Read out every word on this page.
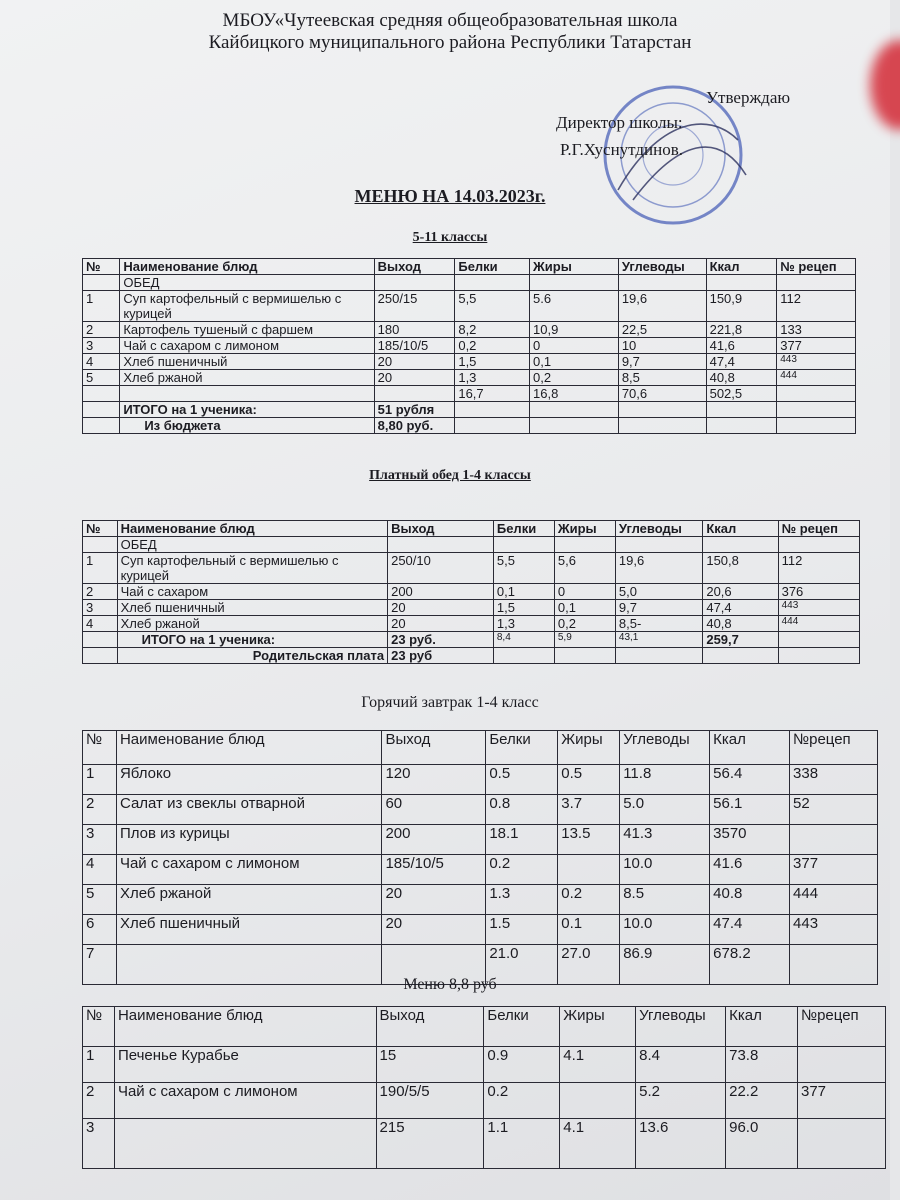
МБОУ«Чутеевская средняя общеобразовательная школа
Кайбицкого муниципального района Республики Татарстан
Утверждаю
Директор школы:
Р.Г.Хуснутдинов.
МЕНЮ НА 14.03.2023г.
5-11 классы
№	Наименование блюд	Выход	Белки	Жиры	Углеводы	Ккал	№ рецеп
	ОБЕД						
1	Суп картофельный с вермишелью с курицей	250/15	5,5	5.6	19,6	150,9	112
2	Картофель тушеный с фаршем	180	8,2	10,9	22,5	221,8	133
3	Чай с сахаром с лимоном	185/10/5	0,2	0	10	41,6	377
4	Хлеб пшеничный	20	1,5	0,1	9,7	47,4	443
5	Хлеб ржаной	20	1,3	0,2	8,5	40,8	444
			16,7	16,8	70,6	502,5	
	ИТОГО на 1 ученика:	51 рубля					
	Из бюджета	8,80 руб.					
Платный обед 1-4 классы
№	Наименование блюд	Выход	Белки	Жиры	Углеводы	Ккал	№ рецеп
	ОБЕД						
1	Суп картофельный с вермишелью с курицей	250/10	5,5	5,6	19,6	150,8	112
2	Чай с сахаром	200	0,1	0	5,0	20,6	376
3	Хлеб пшеничный	20	1,5	0,1	9,7	47,4	443
4	Хлеб ржаной	20	1,3	0,2	8,5-	40,8	444
	ИТОГО на 1 ученика:	23 руб.	8,4	5,9	43,1	259,7	
	Родительская плата	23 руб					
Горячий завтрак 1-4 класс
№	Наименование блюд	Выход	Белки	Жиры	Углеводы	Ккал	№рецеп
1	Яблоко	120	0.5	0.5	11.8	56.4	338
2	Салат из свеклы отварной	60	0.8	3.7	5.0	56.1	52
3	Плов из курицы	200	18.1	13.5	41.3	3570	
4	Чай с сахаром с лимоном	185/10/5	0.2		10.0	41.6	377
5	Хлеб ржаной	20	1.3	0.2	8.5	40.8	444
6	Хлеб пшеничный	20	1.5	0.1	10.0	47.4	443
7			21.0	27.0	86.9	678.2	
Меню 8,8 руб
№	Наименование блюд	Выход	Белки	Жиры	Углеводы	Ккал	№рецеп
1	Печенье Курабье	15	0.9	4.1	8.4	73.8	
2	Чай с сахаром с лимоном	190/5/5	0.2		5.2	22.2	377
3		215	1.1	4.1	13.6	96.0	
